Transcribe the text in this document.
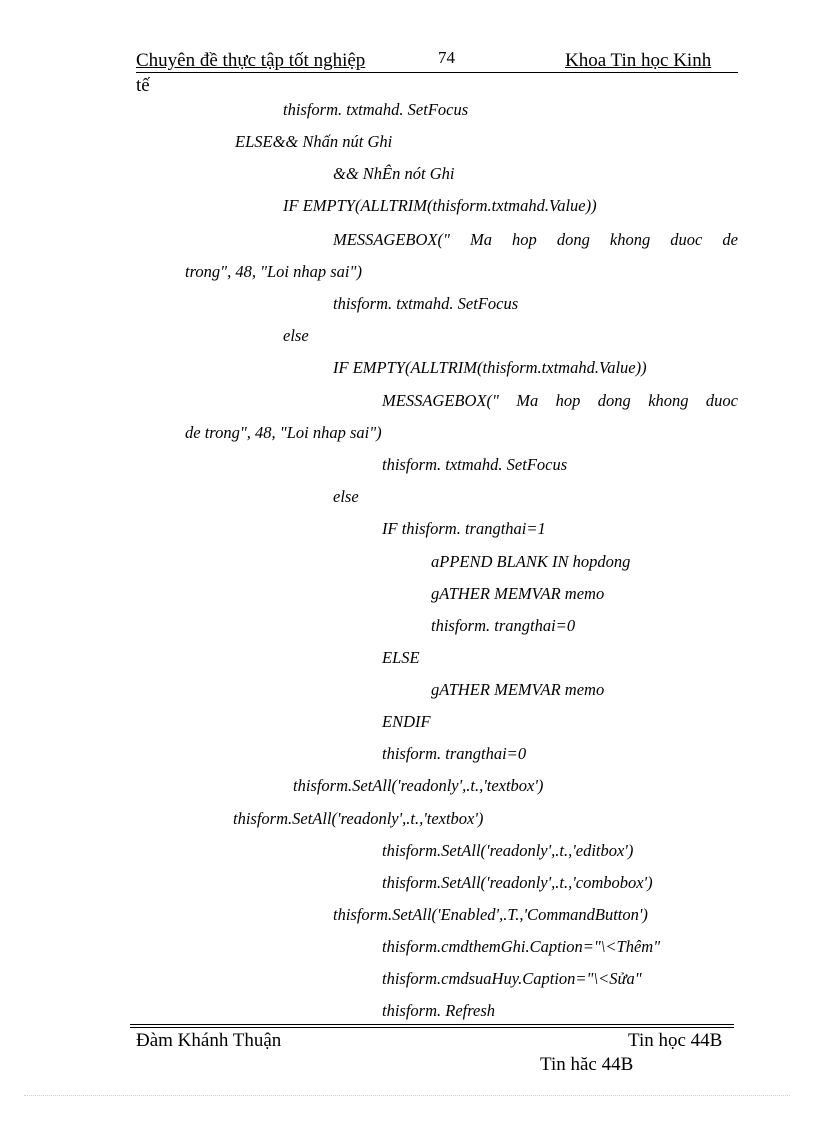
Chuyên đề thực tập tốt nghiệp	74	Khoa Tin học Kinh
tế
thisform. txtmahd. SetFocus
ELSE&& Nhấn nút Ghi
&& NhÊn nót Ghi
IF EMPTY(ALLTRIM(thisform.txtmahd.Value))
MESSAGEBOX(" Ma hop dong khong duoc de
trong", 48, "Loi nhap sai")
thisform. txtmahd. SetFocus
else
IF EMPTY(ALLTRIM(thisform.txtmahd.Value))
MESSAGEBOX(" Ma hop dong khong duoc
de trong", 48, "Loi nhap sai")
thisform. txtmahd. SetFocus
else
IF thisform. trangthai=1
aPPEND BLANK IN hopdong
gATHER MEMVAR memo
thisform. trangthai=0
ELSE
gATHER MEMVAR memo
ENDIF
thisform. trangthai=0
thisform.SetAll('readonly',.t.,'textbox')
thisform.SetAll('readonly',.t.,'textbox')
thisform.SetAll('readonly',.t.,'editbox')
thisform.SetAll('readonly',.t.,'combobox')
thisform.SetAll('Enabled',.T.,'CommandButton')
thisform.cmdthemGhi.Caption="\<Thêm"
thisform.cmdsuaHuy.Caption="\<Sửa"
thisform. Refresh
Đàm Khánh Thuận	Tin học 44B
Tin hăc 44B
